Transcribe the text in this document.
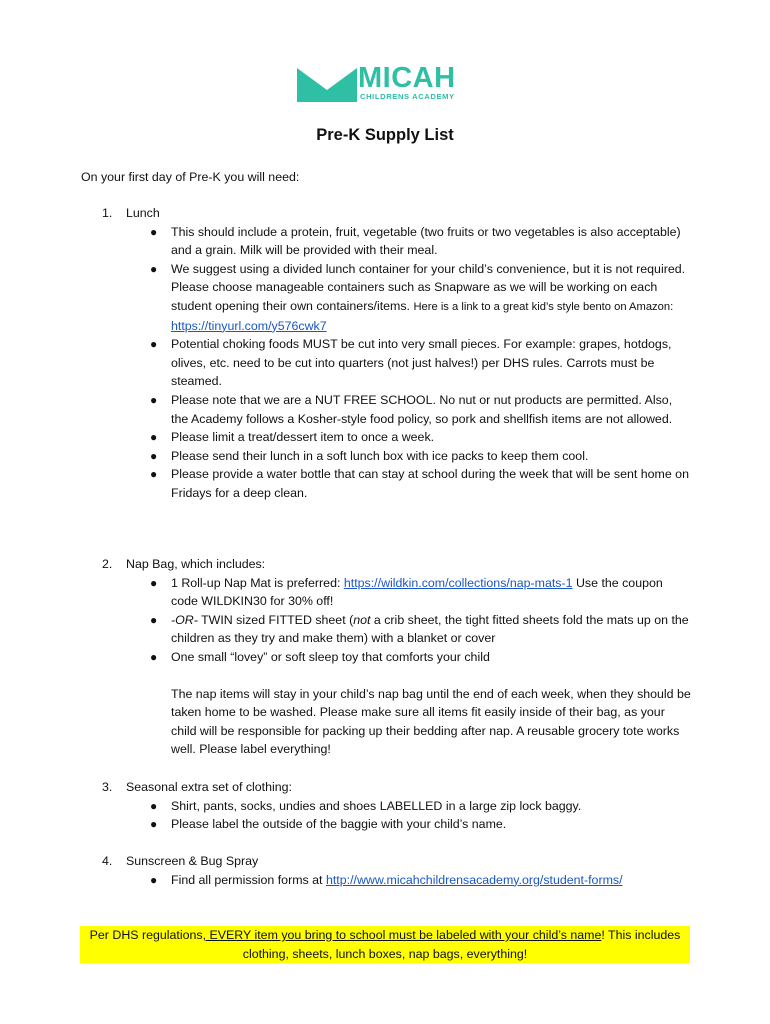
MICAH
CHILDRENS ACADEMY
Pre-K Supply List

On your first day of Pre-K you will need:

1.	Lunch
● This should include a protein, fruit, vegetable (two fruits or two vegetables is also acceptable) and a grain. Milk will be provided with their meal.
● We suggest using a divided lunch container for your child’s convenience, but it is not required. Please choose manageable containers such as Snapware as we will be working on each student opening their own containers/items. Here is a link to a great kid’s style bento on Amazon: https://tinyurl.com/y576cwk7
● Potential choking foods MUST be cut into very small pieces. For example: grapes, hotdogs, olives, etc. need to be cut into quarters (not just halves!) per DHS rules. Carrots must be steamed.
● Please note that we are a NUT FREE SCHOOL. No nut or nut products are permitted. Also, the Academy follows a Kosher-style food policy, so pork and shellfish items are not allowed.
● Please limit a treat/dessert item to once a week.
● Please send their lunch in a soft lunch box with ice packs to keep them cool.
● Please provide a water bottle that can stay at school during the week that will be sent home on Fridays for a deep clean.
2.	Nap Bag, which includes:
● 1 Roll-up Nap Mat is preferred: https://wildkin.com/collections/nap-mats-1 Use the coupon code WILDKIN30 for 30% off!
● -OR- TWIN sized FITTED sheet (not a crib sheet, the tight fitted sheets fold the mats up on the children as they try and make them) with a blanket or cover
● One small “lovey” or soft sleep toy that comforts your child
The nap items will stay in your child’s nap bag until the end of each week, when they should be taken home to be washed. Please make sure all items fit easily inside of their bag, as your child will be responsible for packing up their bedding after nap. A reusable grocery tote works well. Please label everything!
3.	Seasonal extra set of clothing:
● Shirt, pants, socks, undies and shoes LABELLED in a large zip lock baggy.
● Please label the outside of the baggie with your child’s name.
4.	Sunscreen & Bug Spray
● Find all permission forms at http://www.micahchildrensacademy.org/student-forms/
Per DHS regulations, EVERY item you bring to school must be labeled with your child’s name! This includes clothing, sheets, lunch boxes, nap bags, everything!
